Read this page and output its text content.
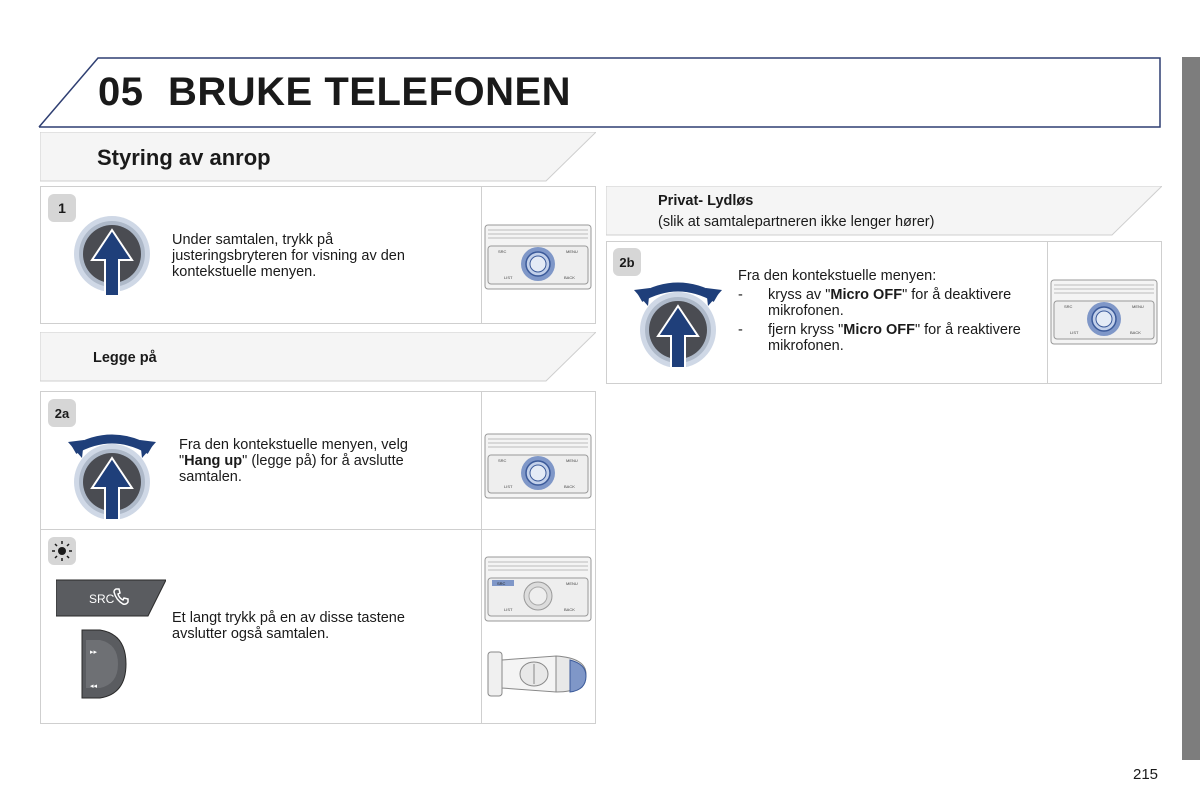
05 BRUKE TELEFONEN
Styring av anrop
1
Under samtalen, trykk på justeringsbryteren for visning av den kontekstuelle menyen.
SRC	MENU
LIST	BACK
Legge på
2a
Fra den kontekstuelle menyen, velg "Hang up" (legge på) for å avslutte samtalen.
SRC	MENU
LIST	BACK
SRC
▸▸
◂◂
Et langt trykk på en av disse tastene avslutter også samtalen.
SRC	MENU
LIST	BACK
Privat- Lydløs
(slik at samtalepartneren ikke lenger hører)
2b
Fra den kontekstuelle menyen:
- kryss av "Micro OFF" for å deaktivere mikrofonen.
- fjern kryss "Micro OFF" for å reaktivere mikrofonen.
SRC	MENU
LIST	BACK
215
